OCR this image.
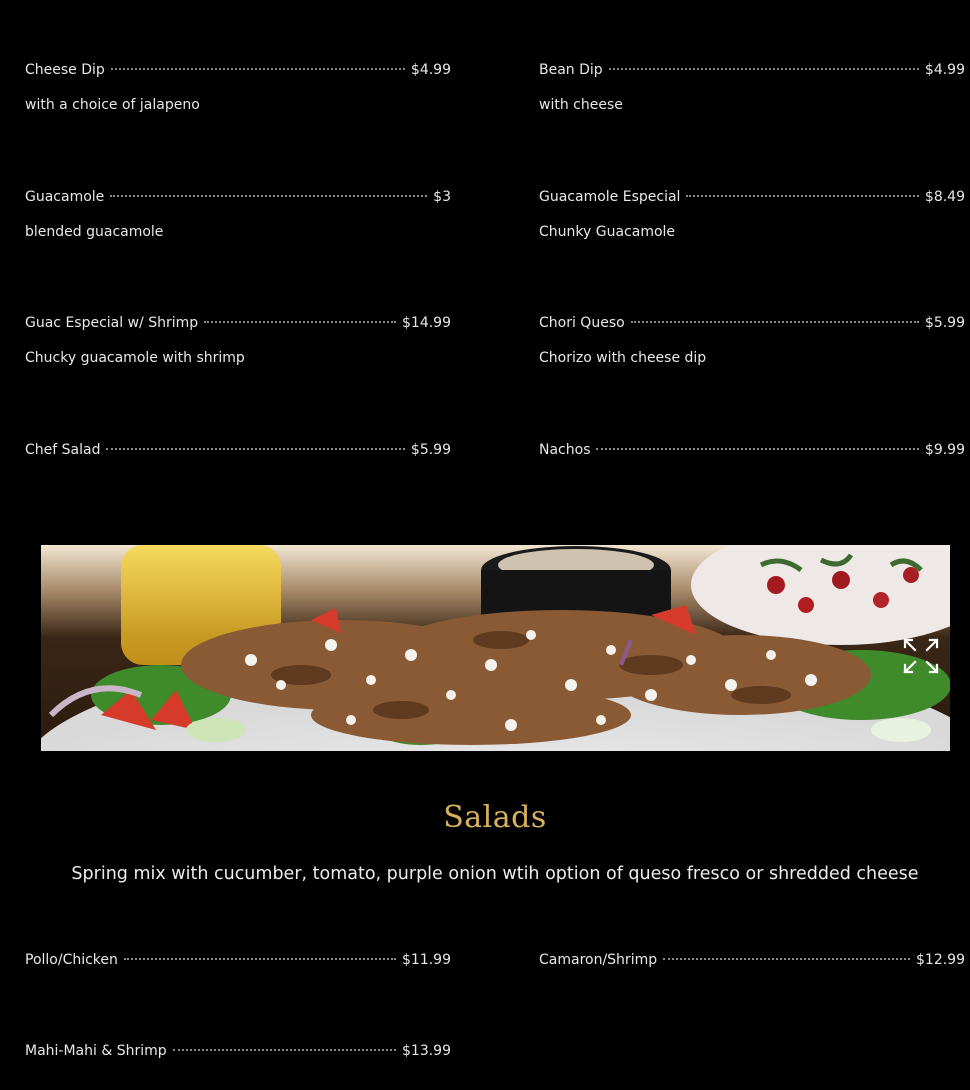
Cheese Dip	$4.99
with a choice of jalapeno
Bean Dip	$4.99
with cheese
Guacamole	$3
blended guacamole
Guacamole Especial	$8.49
Chunky Guacamole
Guac Especial w/ Shrimp	$14.99
Chucky guacamole with shrimp
Chori Queso	$5.99
Chorizo with cheese dip
Chef Salad	$5.99	Nachos	$9.99
Salads
Spring mix with cucumber, tomato, purple onion wtih option of queso fresco or shredded cheese
Pollo/Chicken	$11.99	Camaron/Shrimp	$12.99
Mahi-Mahi & Shrimp	$13.99
